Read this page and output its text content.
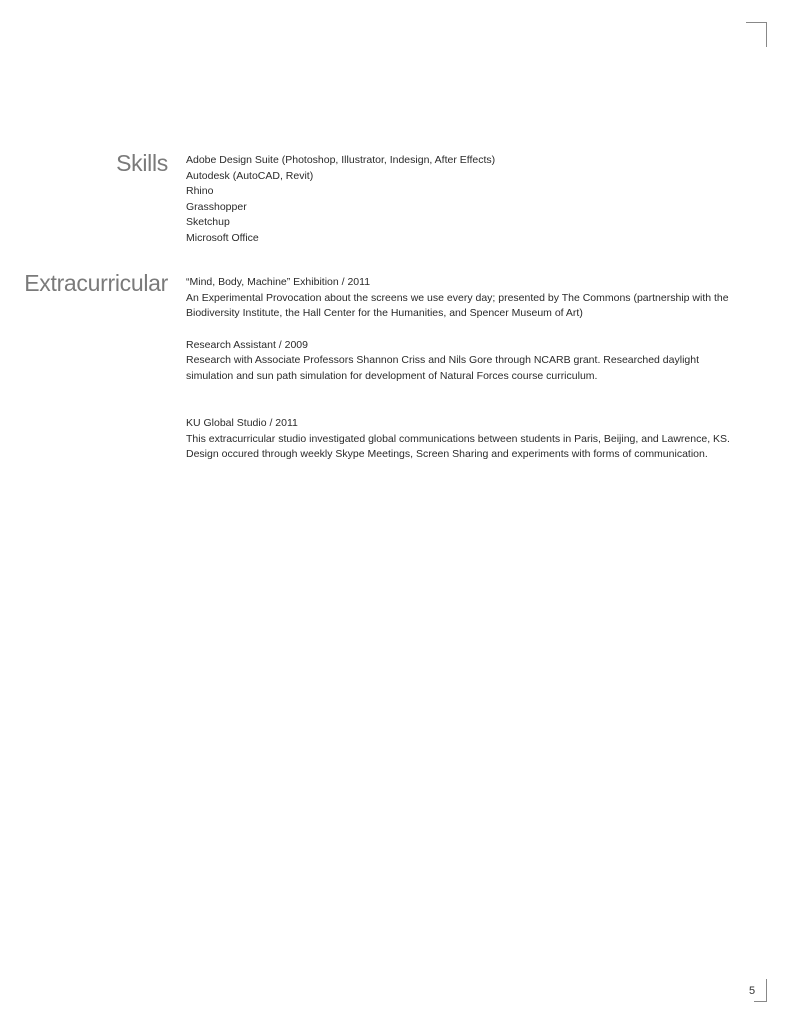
Skills Adobe Design Suite (Photoshop, Illustrator, Indesign, After Effects)
Autodesk (AutoCAD, Revit)
Rhino
Grasshopper
Sketchup
Microsoft Office
Extracurricular “Mind, Body, Machine” Exhibition / 2011
An Experimental Provocation about the screens we use every day; presented by The Commons (partnership with the Biodiversity Institute, the Hall Center for the Humanities, and Spencer Museum of Art)
Research Assistant / 2009
Research with Associate Professors Shannon Criss and Nils Gore through NCARB grant. Researched daylight simulation and sun path simulation for development of Natural Forces course curriculum.
KU Global Studio / 2011
This extracurricular studio investigated global communications between students in Paris, Beijing, and Lawrence, KS. Design occured through weekly Skype Meetings, Screen Sharing and experiments with forms of communication.
5
